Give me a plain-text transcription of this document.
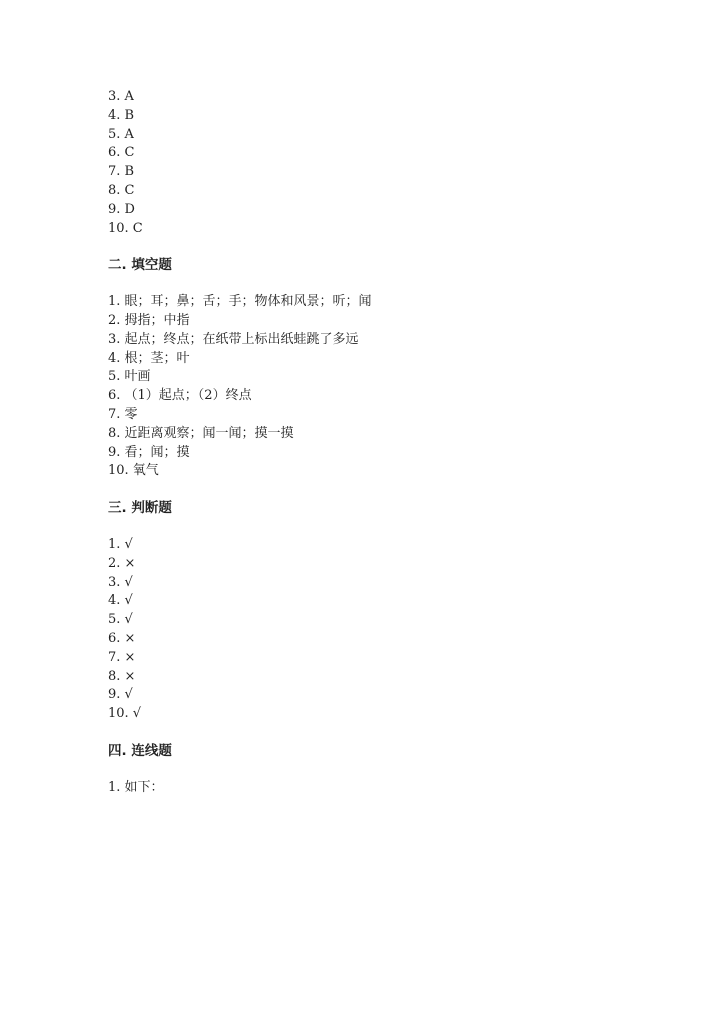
3. A
4. B
5. A
6. C
7. B
8. C
9. D
10. C
二. 填空题
1. 眼；耳；鼻；舌；手；物体和风景；听；闻
2. 拇指；中指
3. 起点；终点；在纸带上标出纸蛙跳了多远
4. 根；茎；叶
5. 叶画
6. （1）起点；（2）终点
7. 零
8. 近距离观察；闻一闻；摸一摸
9. 看；闻；摸
10. 氧气
三. 判断题
1. √
2. ×
3. √
4. √
5. √
6. ×
7. ×
8. ×
9. √
10. √
四. 连线题
1. 如下：
